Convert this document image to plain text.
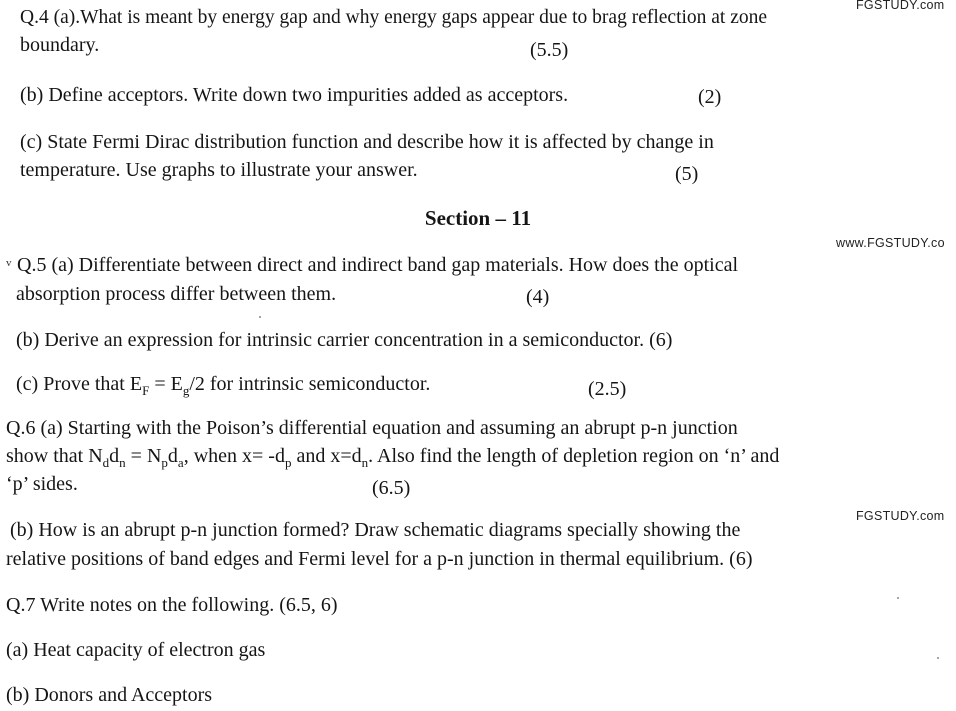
FGSTUDY.com
www.FGSTUDY.co
FGSTUDY.com
Q.4 (a).What is meant by energy gap and why energy gaps appear due to brag reflection at zone
boundary.	(5.5)
(b) Define acceptors. Write down two impurities added as acceptors.	(2)
(c) State Fermi Dirac distribution function and describe how it is affected by change in
temperature. Use graphs to illustrate your answer.	(5)
Section – 11
v Q.5 (a) Differentiate between direct and indirect band gap materials. How does the optical
absorption process differ between them.	(4)
(b) Derive an expression for intrinsic carrier concentration in a semiconductor. (6)
(c) Prove that $E_F = E_g/2$ for intrinsic semiconductor.	(2.5)
Q.6 (a) Starting with the Poison’s differential equation and assuming an abrupt p-n junction
show that $N_dd_n = N_pd_a$, when $x= -d_p$ and $x=d_n$. Also find the length of depletion region on ‘n’ and
‘p’ sides.	(6.5)
(b) How is an abrupt p-n junction formed? Draw schematic diagrams specially showing the
relative positions of band edges and Fermi level for a p-n junction in thermal equilibrium. (6)
Q.7 Write notes on the following. (6.5, 6)
(a) Heat capacity of electron gas
(b) Donors and Acceptors
